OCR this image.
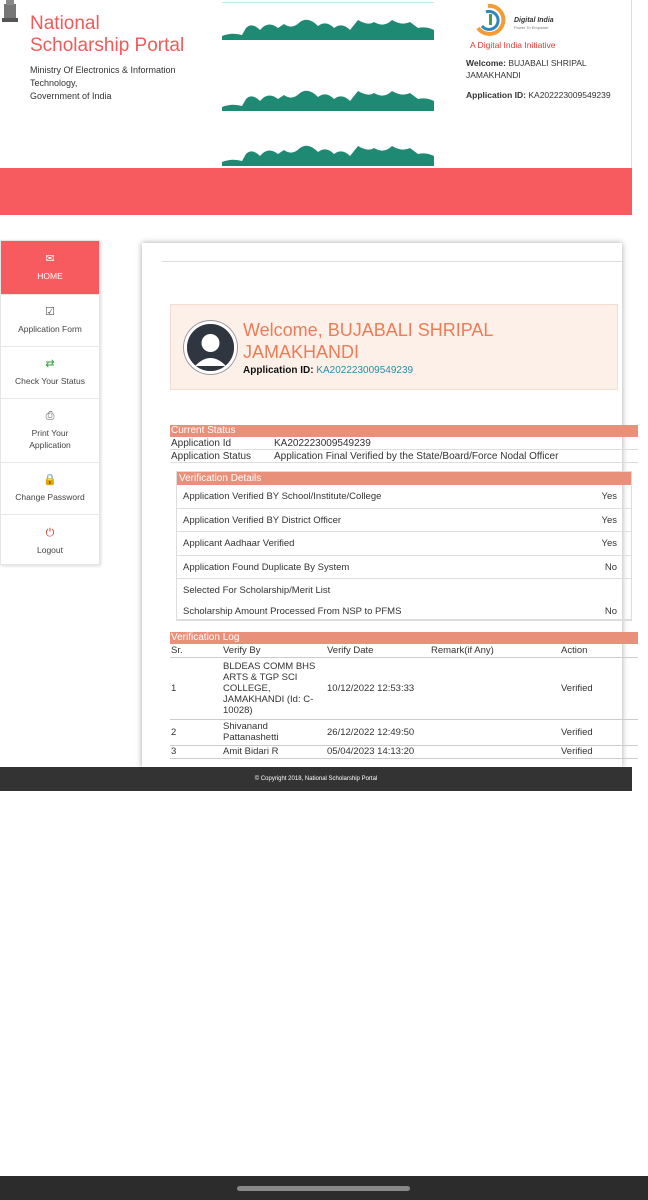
National
Scholarship Portal
Ministry Of Electronics & Information
Technology,
Government of India
Digital India
Power To Empower
A Digital India Initiative
Welcome: BUJABALI SHRIPAL JAMAKHANDI
Application ID: KA202223009549239
✉
HOME
☑
Application Form
⇄
Check Your Status
⎙
Print Your Application
🔒
Change Password
⏻
Logout
Welcome, BUJABALI SHRIPAL JAMAKHANDI
Application ID: KA202223009549239
Current Status
Application Id	KA202223009549239
Application Status	Application Final Verified by the State/Board/Force Nodal Officer
Verification Details
Application Verified BY School/Institute/College	Yes
Application Verified BY District Officer	Yes
Applicant Aadhaar Verified	Yes
Application Found Duplicate By System	No
Selected For Scholarship/Merit List
Scholarship Amount Processed From NSP to PFMS	No
Verification Log
Sr.	Verify By	Verify Date	Remark(if Any)	Action
1	BLDEAS COMM BHS ARTS & TGP SCI COLLEGE, JAMAKHANDI (Id: C-10028)	10/12/2022 12:53:33		Verified
2	Shivanand Pattanashetti	26/12/2022 12:49:50		Verified
3	Amit Bidari R	05/04/2023 14:13:20		Verified
© Copyright 2018, National Scholarship Portal
